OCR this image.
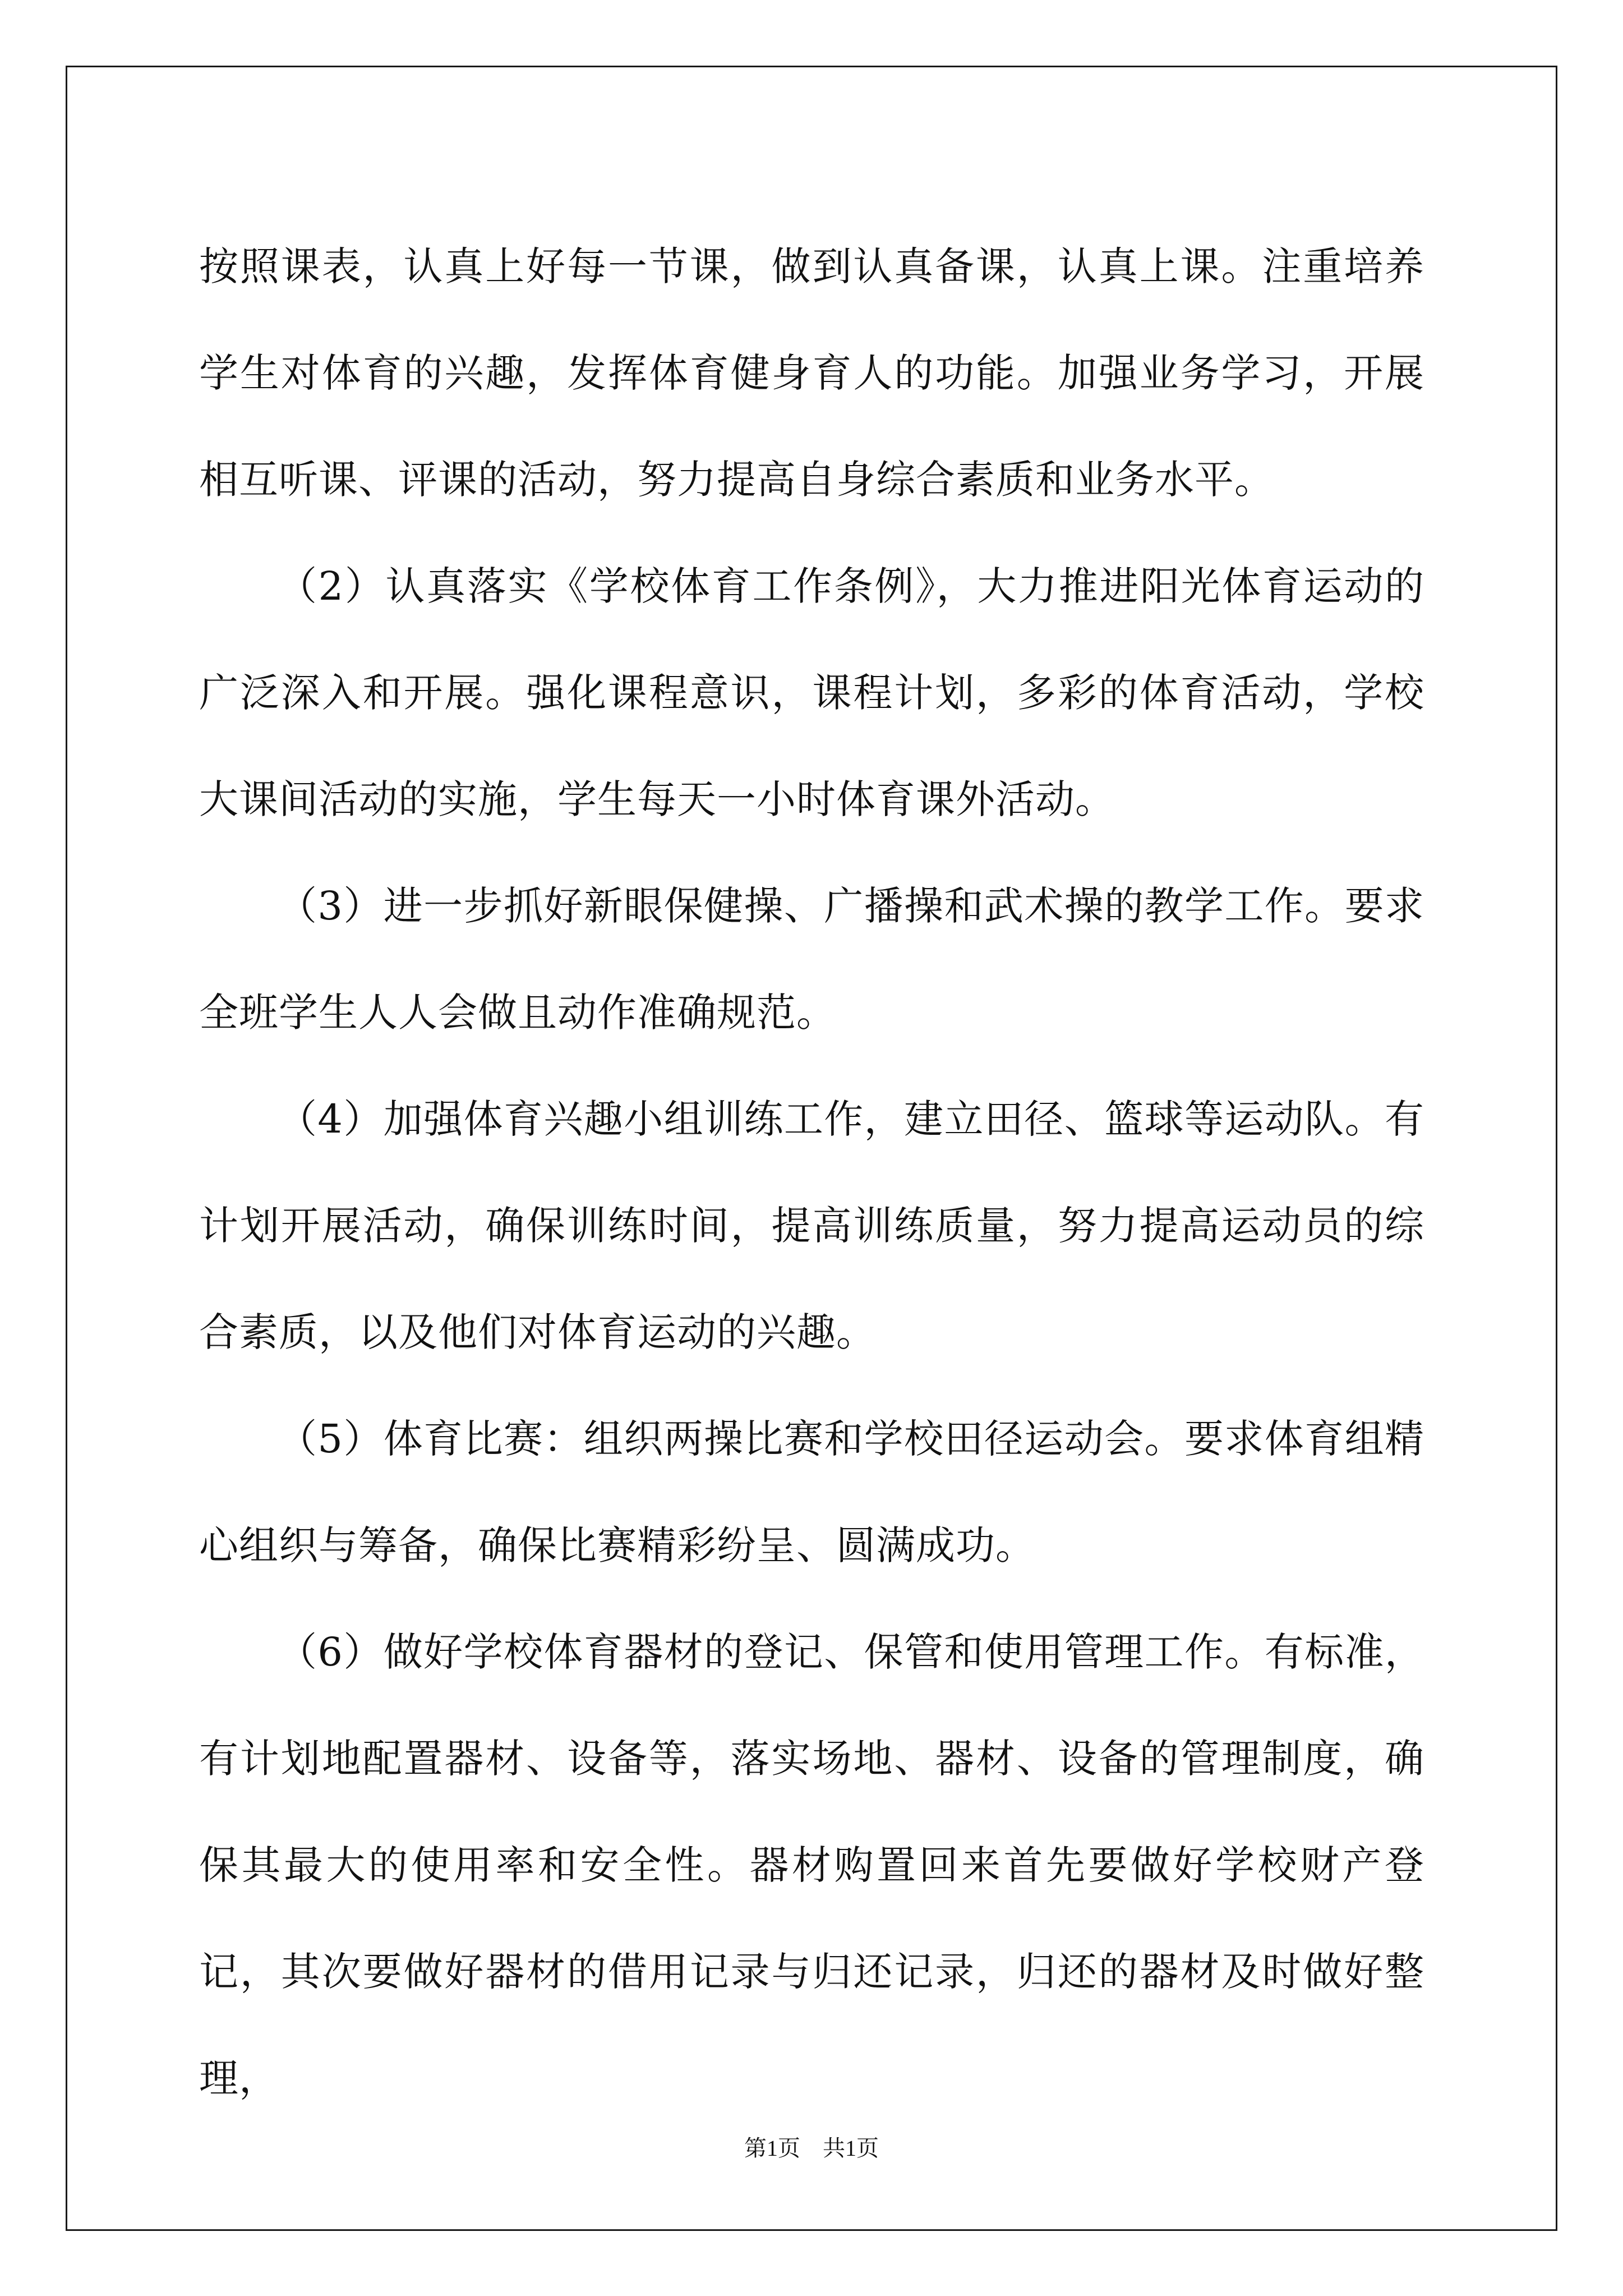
按照课表，认真上好每一节课，做到认真备课，认真上课。注重培养学生对体育的兴趣，发挥体育健身育人的功能。加强业务学习，开展相互听课、评课的活动，努力提高自身综合素质和业务水平。

（2）认真落实《学校体育工作条例》，大力推进阳光体育运动的广泛深入和开展。强化课程意识，课程计划，多彩的体育活动，学校大课间活动的实施，学生每天一小时体育课外活动。

（3）进一步抓好新眼保健操、广播操和武术操的教学工作。要求全班学生人人会做且动作准确规范。

（4）加强体育兴趣小组训练工作，建立田径、篮球等运动队。有计划开展活动，确保训练时间，提高训练质量，努力提高运动员的综合素质，以及他们对体育运动的兴趣。

（5）体育比赛：组织两操比赛和学校田径运动会。要求体育组精心组织与筹备，确保比赛精彩纷呈、圆满成功。

（6）做好学校体育器材的登记、保管和使用管理工作。有标准，有计划地配置器材、设备等，落实场地、器材、设备的管理制度，确保其最大的使用率和安全性。器材购置回来首先要做好学校财产登记，其次要做好器材的借用记录与归还记录，归还的器材及时做好整理，

第1页　共1页
